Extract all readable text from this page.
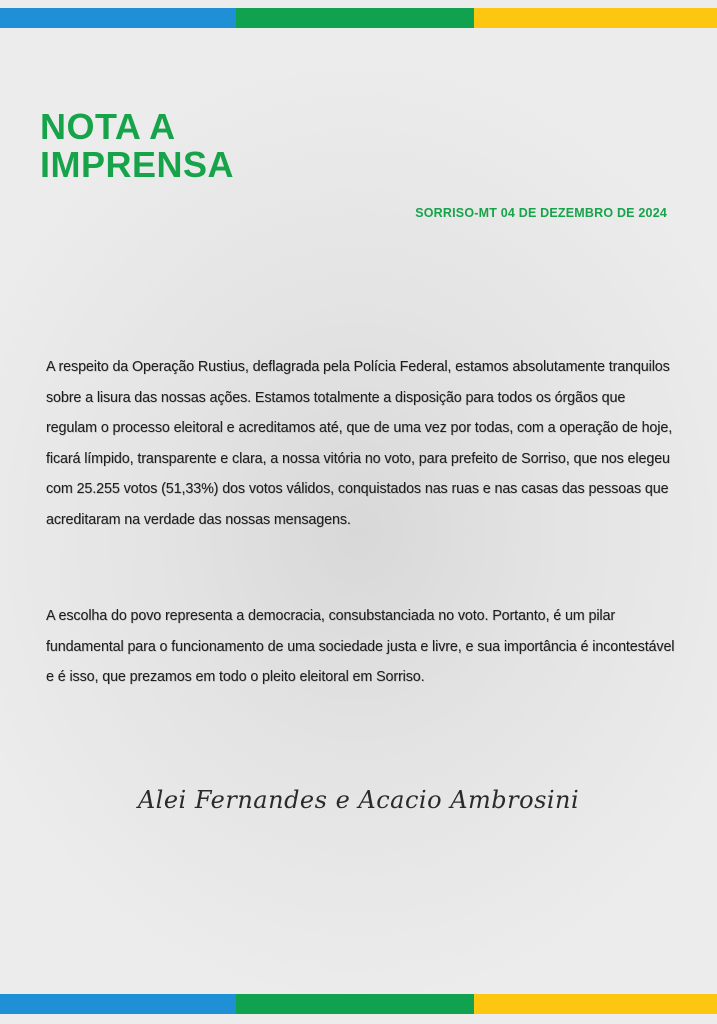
NOTA A
IMPRENSA
SORRISO-MT 04 DE DEZEMBRO DE 2024

A respeito da Operação Rustius, deflagrada pela Polícia Federal, estamos absolutamente tranquilos sobre a lisura das nossas ações. Estamos totalmente a disposição para todos os órgãos que regulam o processo eleitoral e acreditamos até, que de uma vez por todas, com a operação de hoje, ficará límpido, transparente e clara, a nossa vitória no voto, para prefeito de Sorriso, que nos elegeu com 25.255 votos (51,33%) dos votos válidos, conquistados nas ruas e nas casas das pessoas que acreditaram na verdade das nossas mensagens.

A escolha do povo representa a democracia, consubstanciada no voto. Portanto, é um pilar fundamental para o funcionamento de uma sociedade justa e livre, e sua importância é incontestável e é isso, que prezamos em todo o pleito eleitoral em Sorriso.

Alei Fernandes e Acacio Ambrosini
